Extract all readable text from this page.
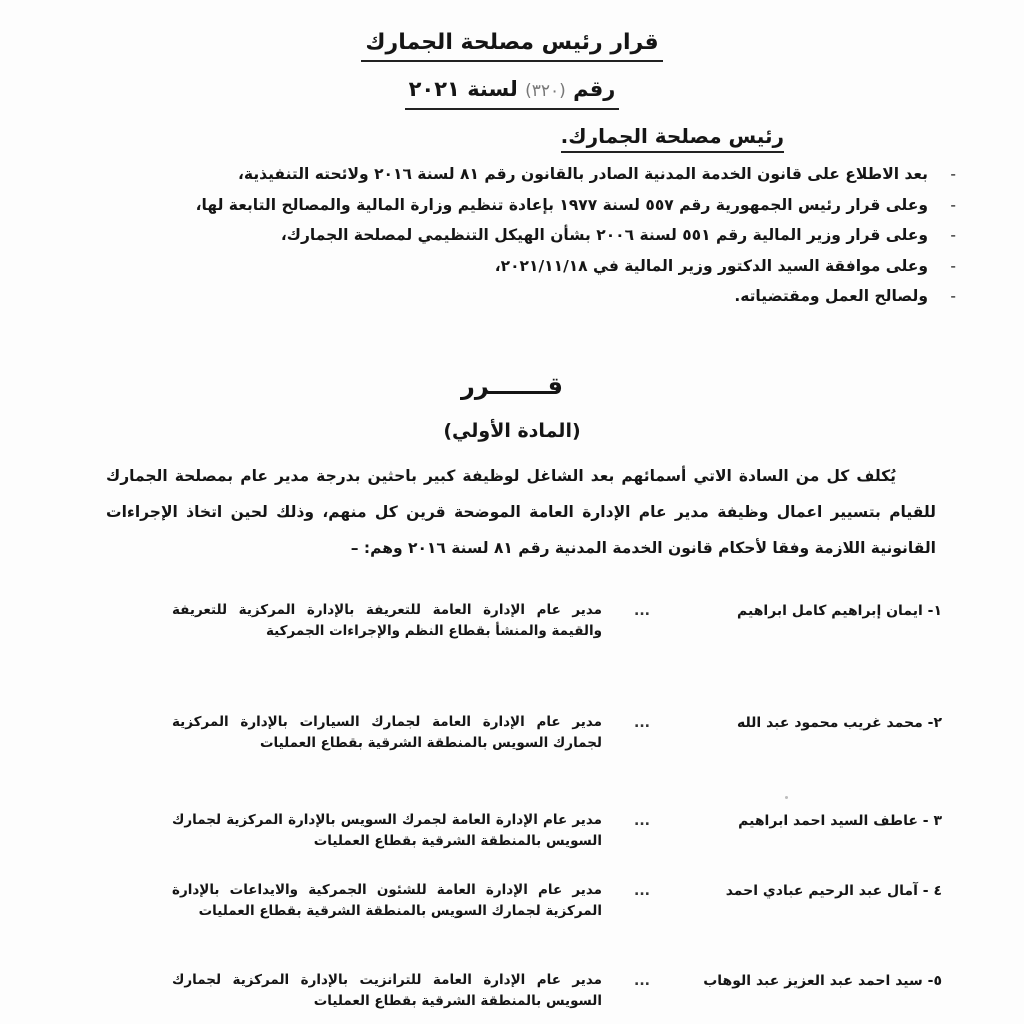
قرار رئيس مصلحة الجمارك
رقم (٣٢٠) لسنة ٢٠٢١
رئيس مصلحة الجمارك.
-بعد الاطلاع على قانون الخدمة المدنية الصادر بالقانون رقم ٨١ لسنة ٢٠١٦ ولائحته التنفيذية،
-وعلى قرار رئيس الجمهورية رقم ٥٥٧ لسنة ١٩٧٧ بإعادة تنظيم وزارة المالية والمصالح التابعة لها،
-وعلى قرار وزير المالية رقم ٥٥١ لسنة ٢٠٠٦ بشأن الهيكل التنظيمي لمصلحة الجمارك،
-وعلى موافقة السيد الدكتور وزير المالية في ٢٠٢١/١١/١٨،
-ولصالح العمل ومقتضياته.
قـــــــرر
(المادة الأولي)
يُكلف كل من السادة الاتي أسمائهم بعد الشاغل لوظيفة كبير باحثين بدرجة مدير عام بمصلحة الجمارك للقيام بتسيير اعمال وظيفة مدير عام الإدارة العامة الموضحة قرين كل منهم، وذلك لحين اتخاذ الإجراءات القانونية اللازمة وفقا لأحكام قانون الخدمة المدنية رقم ٨١ لسنة ٢٠١٦ وهم: –
١- ايمان إبراهيم كامل ابراهيم
...
مدير عام الإدارة العامة للتعريفة بالإدارة المركزية للتعريفة والقيمة والمنشأ بقطاع النظم والإجراءات الجمركية
٢- محمد غريب محمود عبد الله
...
مدير عام الإدارة العامة لجمارك السيارات بالإدارة المركزية لجمارك السويس بالمنطقة الشرقية بقطاع العمليات
٣ - عاطف السيد احمد ابراهيم
...
مدير عام الإدارة العامة لجمرك السويس بالإدارة المركزية لجمارك السويس بالمنطقة الشرقية بقطاع العمليات
٤ - آمال عبد الرحيم عبادي احمد
...
مدير عام الإدارة العامة للشئون الجمركية والايداعات بالإدارة المركزية لجمارك السويس بالمنطقة الشرقية بقطاع العمليات
٥- سيد احمد عبد العزيز عبد الوهاب
...
مدير عام الإدارة العامة للترانزيت بالإدارة المركزية لجمارك السويس بالمنطقة الشرقية بقطاع العمليات
